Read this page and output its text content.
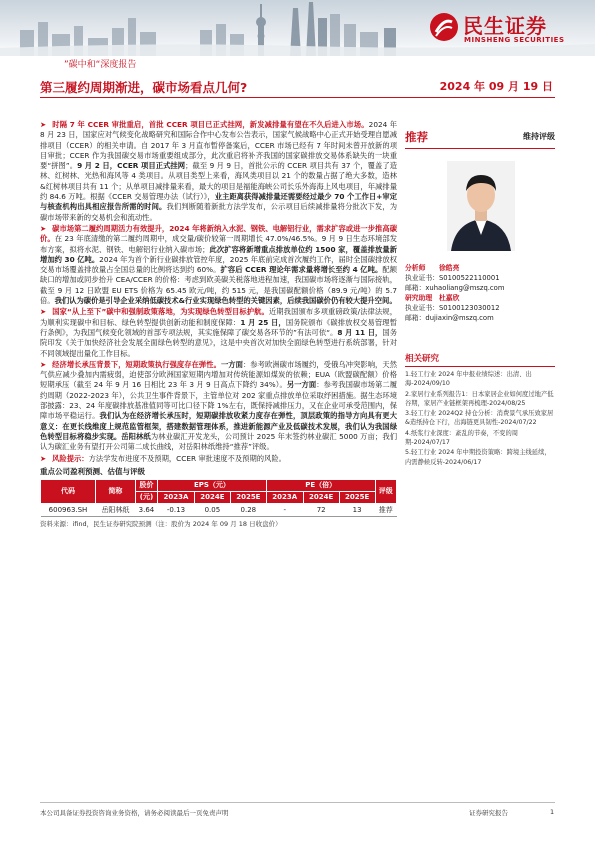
民生证券
MINSHENG SECURITIES
”碳中和“深度报告
第三履约周期渐进，碳市场看点几何?	2024 年 09 月 19 日

➤ 时隔 7 年 CCER 审批重启，首批 CCER 项目已正式挂网，新发减排量有望在不久后进入市场。2024 年 8 月 23 日，国家应对气候变化战略研究和国际合作中心发布公告表示，国家气候战略中心正式开始受理自愿减排项目（CCER）的相关申请。自 2017 年 3 月直布暂停备案后，CCER 市场已经有 7 年时间未曾开放新的项目审批；CCER 作为我国碳交易市场重要组成部分，此次重启将补齐我国的国家碳排放交易体系缺失的一块重要“拼图”。9 月 2 日，CCER 项目正式挂网；截至 9 月 9 日，首批公示的 CCER 项目共有 37 个，覆盖了造林、红树林、光热和海风等 4 类项目。从项目类型上来看，海风类项目以 21 个的数量占据了绝大多数，造林&红树林项目共有 11 个；从单项目减排量来看，最大的项目是福能海峡公司长乐外海海上风电项目，年减排量约 84.6 万吨。根据《CCER 交易管理办法（试行）》，业主距离获得减排量还需要经过最少 70 个工作日+审定与核查机构出具相应报告所需的时间。我们判断随着新批方法学发布，公示项目后续减排量将分批次下发，为碳市场带来新的交易机会和流动性。

➤ 碳市场第二履约周期活力有效提升，2024 年将新纳入水泥、钢铁、电解铝行业，需求扩容或进一步推高碳价。在 23 年底清缴的第二履约周期中，成交量/碳价较第一周期增长 47.0%/46.5%。9 月 9 日生态环境部发布方案，拟将水泥、钢铁、电解铝行业纳入碳市场；此次扩容将新增重点排放单位约 1500 家，覆盖排放量新增加约 30 亿吨。2024 年为首个新行业碳排放管控年度，2025 年底前完成首次履约工作，届时全国碳排放权交易市场覆盖排放量占全国总量的比例将达到约 60%。扩容后 CCER 理论年需求量将增长至约 4 亿吨。配额缺口的增加或同步抬升 CEA/CCER 的价格：考虑到欧美碳关税落地进程加速，我国碳市场将逐渐与国际接轨，截至 9 月 12 日欧盟 EU ETS 价格为 65.45 欧元/吨，约 515 元，是我国碳配额价格（89.9 元/吨）的 5.7 倍。我们认为碳价是引导企业采纳低碳技术&行业实现绿色转型的关键因素，后续我国碳价仍有较大提升空间。

➤ 国家“从上至下”碳中和强制政策落地，为实现绿色转型目标护航。近期我国颁布多项重磅政策/法律法规，为顺利实现碳中和目标、绿色转型提供创新动能和制度保障：1 月 25 日，国务院颁布《碳排放权交易管理暂行条例》，为我国气候变化领域的首部专项法规，其实施保障了碳交易各环节的”有法可依“。8 月 11 日，国务院印发《关于加快经济社会发展全面绿色转型的意见》，这是中央首次对加快全面绿色转型进行系统部署，针对不同领域提出量化工作目标。

➤ 经济增长承压背景下，短期政策执行强度存在弹性。一方面：参考欧洲碳市场履约，受俄乌冲突影响，天然气供应减少叠加内需疲弱，迫使部分欧洲国家短期内增加对传统能源如煤炭的依赖；EUA（欧盟碳配额）价格短期承压（截至 24 年 9 月 16 日相比 23 年 3 月 9 日高点下降约 34%）。另一方面：参考我国碳市场第二履约周期（2022-2023 年），公共卫生事件背景下，主管单位对 202 家重点排放单位采取纾困措施。据生态环境部披露：23、24 年度碳排放基准值同等可比口径下降 1%左右，既保持减排压力，又在企业可承受范围内，保障市场平稳运行。我们认为在经济增长承压时，短期碳排放收紧力度存在弹性，顶层政策的指导方向具有更大意义：在更长线维度上规范监管框架，搭建数据管理体系，推进新能源产业及低碳技术发展，我们认为我国绿色转型目标将稳步实现。岳阳林纸为林业碳汇开发龙头，公司预计 2025 年末签约林业碳汇 5000 万亩；我们认为碳汇业务有望打开公司第二成长曲线，对岳阳林纸维持“推荐”评级。

➤ 风险提示：方法学发布进度不及预期，CCER 审批速度不及预期的风险。

重点公司盈利预测、估值与评级
代码	简称	股价	EPS（元）			PE（倍）			评级
		(元)	2023A	2024E	2025E	2023A	2024E	2025E	
600963.SH	岳阳林纸	3.64	-0.13	0.05	0.28	-	72	13	推荐
资料来源：ifind，民生证券研究院预测（注：股价为 2024 年 09 月 18 日收盘价）
推荐	维持评级
分析师 徐皓亮
执业证书：S0100522110001
邮箱：xuhaoliang@mszq.com
研究助理 杜嘉欣
执业证书：S0100123030012
邮箱：dujiaxin@mszq.com
相关研究
1.轻工行业 2024 年中报业绩综述：出清、出海-2024/09/10
2.家居行业系列报告1：日本家居企业如何度过地产低谷期，家居产业链框架再梳理-2024/08/25
3.轻工行业 2024Q2 持仓分析：消费景气承压致家居&造纸持仓下行，出海链更具韧性-2024/07/22
4.纸浆行业深度：紊乱的节奏，不变的周期-2024/07/17
5.轻工行业 2024 年中期投资策略：跨境主线延续，内需静候反转-2024/06/17
本公司具备证券投资咨询业务资格，请务必阅读最后一页免责声明	证券研究报告	1
